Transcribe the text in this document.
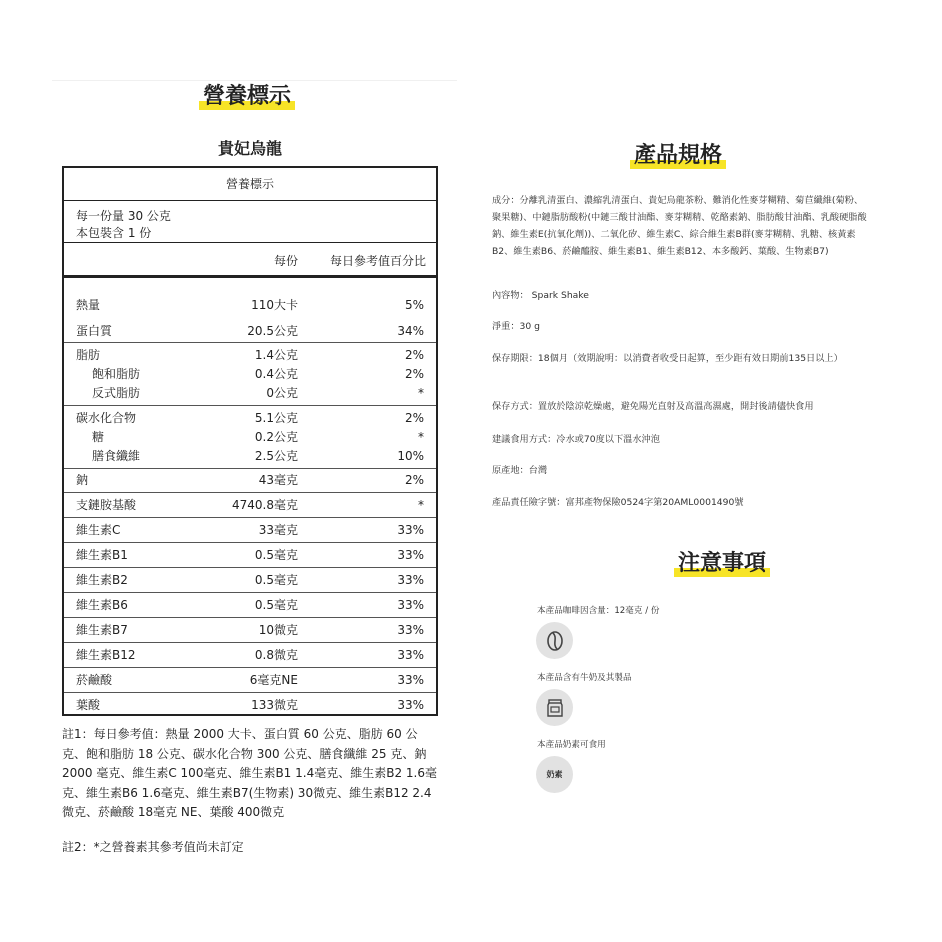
營養標示
貴妃烏龍
營養標示
每一份量 30 公克
本包裝含 1 份
每份	每日參考值百分比
熱量	110大卡	5%
蛋白質	20.5公克	34%
脂肪	1.4公克	2%
飽和脂肪	0.4公克	2%
反式脂肪	0公克	*
碳水化合物	5.1公克	2%
糖	0.2公克	*
膳食纖維	2.5公克	10%
鈉	43毫克	2%
支鏈胺基酸	4740.8毫克	*
維生素C	33毫克	33%
維生素B1	0.5毫克	33%
維生素B2	0.5毫克	33%
維生素B6	0.5毫克	33%
維生素B7	10微克	33%
維生素B12	0.8微克	33%
菸鹼酸	6毫克NE	33%
葉酸	133微克	33%
註1：每日參考值：熱量 2000 大卡、蛋白質 60 公克、脂肪 60 公克、飽和脂肪 18 公克、碳水化合物 300 公克、膳食纖維 25 克、鈉 2000 毫克、維生素C 100毫克、維生素B1 1.4毫克、維生素B2 1.6毫克、維生素B6 1.6毫克、維生素B7(生物素) 30微克、維生素B12 2.4微克、菸鹼酸 18毫克 NE、葉酸 400微克
註2：*之營養素其參考值尚未訂定
產品規格
成分：分離乳清蛋白、濃縮乳清蛋白、貴妃烏龍茶粉、難消化性麥芽糊精、菊苣纖維(菊粉、聚果糖)、中鏈脂肪酸粉(中鏈三酸甘油酯、麥芽糊精、乾酪素鈉、脂肪酸甘油酯、乳酸硬脂酸鈉、維生素E(抗氧化劑))、二氧化矽、維生素C、綜合維生素B群(麥芽糊精、乳糖、核黃素B2、維生素B6、菸鹼醯胺、維生素B1、維生素B12、本多酸鈣、葉酸、生物素B7)
內容物： Spark Shake
淨重：30 g
保存期限：18個月（效期說明：以消費者收受日起算，至少距有效日期前135日以上）
保存方式：置放於陰涼乾燥處，避免陽光直射及高溫高濕處，開封後請儘快食用
建議食用方式：冷水或70度以下溫水沖泡
原產地：台灣
產品責任險字號：富邦產物保險0524字第20AML0001490號
注意事項
本產品咖啡因含量：12毫克 / 份
本產品含有牛奶及其製品
本產品奶素可食用
奶素
